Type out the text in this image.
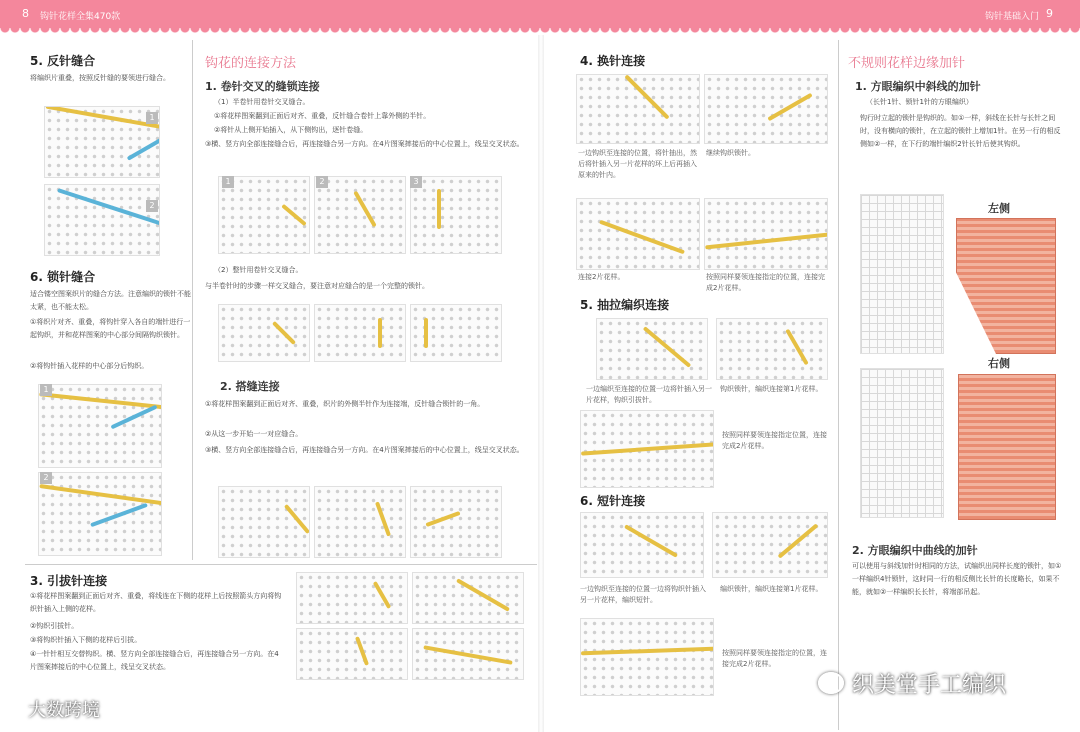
8 钩针花样全集470款	钩针基础入门 9
5. 反针缝合
将编织片重叠，按照反针缝的要领进行缝合。
1
2
6. 锁针缝合
适合镂空图案织片的缝合方法。注意编织的锁针不能太紧，也不能太松。
①将织片对齐、重叠，将钩针穿入各自的端针进行一起钩织，并和花样图案的中心部分间隔钩织锁针。
②将钩针插入花样的中心部分后钩织。
1
2
钩花的连接方法
1. 卷针交叉的缝锁连接
（1）半卷针用卷针交叉缝合。
①将花样图案翻到正面后对齐、重叠，反针缝合卷针上靠外侧的半针。
②将针从上侧开始插入，从下侧钩出，逐针卷缝。
③横、竖方向全部连接缝合后，再连接缝合另一方向。在4片图案摔接后的中心位置上，线呈交叉状态。
1	2	3
（2）整针用卷针交叉缝合。
与半卷针时的步骤一样交叉缝合，要注意对应缝合的是一个完整的锁针。
2. 搭缝连接
①将花样图案翻到正面后对齐、重叠，织片的外侧半针作为连接端，反针缝合锁针的一角。
②从这一步开始一一对应缝合。
③横、竖方向全部连接缝合后，再连接缝合另一方向。在4片图案摔接后的中心位置上，线呈交叉状态。
3. 引拔针连接
①将花样图案翻到正面后对齐、重叠，将线连在下侧的花样上后按照箭头方向将钩织针插入上侧的花样。
②钩织引拔针。
③将钩织针插入下侧的花样后引拔。
④一针针相互交替钩织。横、竖方向全部连接缝合后，再连接缝合另一方向。在4片图案摔接后的中心位置上，线呈交叉状态。
大数跨境
4. 换针连接
一边钩织至连接的位置，将针抽出，然后将针插入另一片花样的环上后再插入原来的针内。
继续钩织锁针。
连接2片花样。	按照同样要领连接指定的位置，连接完成2片花样。
5. 抽拉编织连接
一边编织至连接的位置一边将针插入另一片花样，钩织引拔针。
钩织锁针，编织连接第1片花样。
按照同样要领连接指定位置，连接完成2片花样。
6. 短针连接
一边钩织至连接的位置一边将钩织针插入另一片花样，编织短针。
编织锁针，编织连接第1片花样。
按照同样要领连接指定的位置，连接完成2片花样。
不规则花样边缘加针
1. 方眼编织中斜线的加针
（长针1针、锁针1针的方眼编织）
钩行时立起的锁针是钩织的。如①一样，斜线在长针与长针之间时，没有横向的锁针，在立起的锁针上增加1针。在另一行的相反侧如②一样，在下行的端针编织2针长针后使其钩织。
左侧
右侧
2. 方眼编织中曲线的加针
可以使用与斜线加针时相同的方法，试编织出同样长度的锁针，如①一样编织4针锁针，这时同一行的相反侧比长针的长度略长，如果不能，就如②一样编织长长针，将端部吊起。
织美堂手工编织
